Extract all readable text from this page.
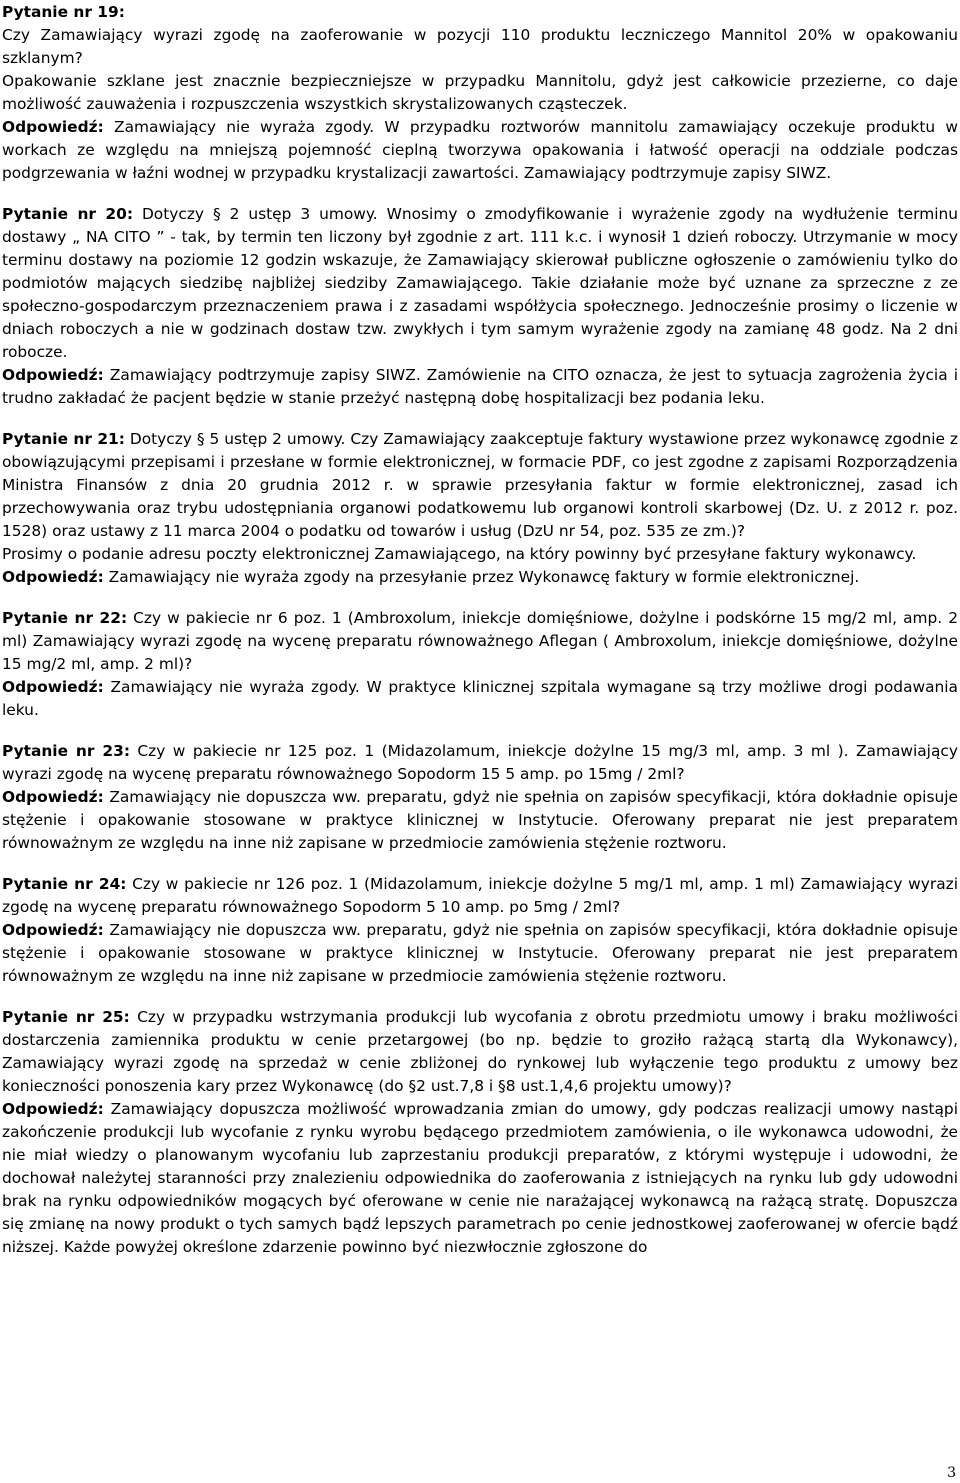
Pytanie nr 19:

Czy Zamawiający wyrazi zgodę na zaoferowanie w pozycji 110 produktu leczniczego Mannitol 20% w opakowaniu szklanym?

Opakowanie szklane jest znacznie bezpieczniejsze w przypadku Mannitolu, gdyż jest całkowicie przezierne, co daje możliwość zauważenia i rozpuszczenia wszystkich skrystalizowanych cząsteczek.

Odpowiedź: Zamawiający nie wyraża zgody. W przypadku roztworów mannitolu zamawiający oczekuje produktu w workach ze względu na mniejszą pojemność cieplną tworzywa opakowania i łatwość operacji na oddziale podczas podgrzewania w łaźni wodnej w przypadku krystalizacji zawartości. Zamawiający podtrzymuje zapisy SIWZ.

Pytanie nr 20: Dotyczy § 2 ustęp 3 umowy. Wnosimy o zmodyfikowanie i wyrażenie zgody na wydłużenie terminu dostawy „ NA CITO ” - tak, by termin ten liczony był zgodnie z art. 111 k.c. i wynosił 1 dzień roboczy. Utrzymanie w mocy terminu dostawy na poziomie 12 godzin wskazuje, że Zamawiający skierował publiczne ogłoszenie o zamówieniu tylko do podmiotów mających siedzibę najbliżej siedziby Zamawiającego. Takie działanie może być uznane za sprzeczne z ze społeczno-gospodarczym przeznaczeniem prawa i z zasadami współżycia społecznego. Jednocześnie prosimy o liczenie w dniach roboczych a nie w godzinach dostaw tzw. zwykłych i tym samym wyrażenie zgody na zamianę 48 godz. Na 2 dni robocze.

Odpowiedź: Zamawiający podtrzymuje zapisy SIWZ. Zamówienie na CITO oznacza, że jest to sytuacja zagrożenia życia i trudno zakładać że pacjent będzie w stanie przeżyć następną dobę hospitalizacji bez podania leku.

Pytanie nr 21: Dotyczy § 5 ustęp 2 umowy. Czy Zamawiający zaakceptuje faktury wystawione przez wykonawcę zgodnie z obowiązującymi przepisami i przesłane w formie elektronicznej, w formacie PDF, co jest zgodne z zapisami Rozporządzenia Ministra Finansów z dnia 20 grudnia 2012 r. w sprawie przesyłania faktur w formie elektronicznej, zasad ich przechowywania oraz trybu udostępniania organowi podatkowemu lub organowi kontroli skarbowej (Dz. U. z 2012 r. poz. 1528) oraz ustawy z 11 marca 2004 o podatku od towarów i usług (DzU nr 54, poz. 535 ze zm.)?

Prosimy o podanie adresu poczty elektronicznej Zamawiającego, na który powinny być przesyłane faktury wykonawcy.

Odpowiedź: Zamawiający nie wyraża zgody na przesyłanie przez Wykonawcę faktury w formie elektronicznej.

Pytanie nr 22: Czy w pakiecie nr 6 poz. 1 (Ambroxolum, iniekcje domięśniowe, dożylne i podskórne 15 mg/2 ml, amp. 2 ml) Zamawiający wyrazi zgodę na wycenę preparatu równoważnego Aflegan ( Ambroxolum, iniekcje domięśniowe, dożylne 15 mg/2 ml, amp. 2 ml)?

Odpowiedź: Zamawiający nie wyraża zgody. W praktyce klinicznej szpitala wymagane są trzy możliwe drogi podawania leku.

Pytanie nr 23: Czy w pakiecie nr 125 poz. 1 (Midazolamum, iniekcje dożylne 15 mg/3 ml, amp. 3 ml ). Zamawiający wyrazi zgodę na wycenę preparatu równoważnego Sopodorm 15 5 amp. po 15mg / 2ml?

Odpowiedź: Zamawiający nie dopuszcza ww. preparatu, gdyż nie spełnia on zapisów specyfikacji, która dokładnie opisuje stężenie i opakowanie stosowane w praktyce klinicznej w Instytucie. Oferowany preparat nie jest preparatem równoważnym ze względu na inne niż zapisane w przedmiocie zamówienia stężenie roztworu.

Pytanie nr 24: Czy w pakiecie nr 126 poz. 1 (Midazolamum, iniekcje dożylne 5 mg/1 ml, amp. 1 ml) Zamawiający wyrazi zgodę na wycenę preparatu równoważnego Sopodorm 5 10 amp. po 5mg / 2ml?

Odpowiedź: Zamawiający nie dopuszcza ww. preparatu, gdyż nie spełnia on zapisów specyfikacji, która dokładnie opisuje stężenie i opakowanie stosowane w praktyce klinicznej w Instytucie. Oferowany preparat nie jest preparatem równoważnym ze względu na inne niż zapisane w przedmiocie zamówienia stężenie roztworu.

Pytanie nr 25: Czy w przypadku wstrzymania produkcji lub wycofania z obrotu przedmiotu umowy i braku możliwości dostarczenia zamiennika produktu w cenie przetargowej (bo np. będzie to groziło rażącą startą dla Wykonawcy), Zamawiający wyrazi zgodę na sprzedaż w cenie zbliżonej do rynkowej lub wyłączenie tego produktu z umowy bez konieczności ponoszenia kary przez Wykonawcę (do §2 ust.7,8 i §8 ust.1,4,6 projektu umowy)?

Odpowiedź: Zamawiający dopuszcza możliwość wprowadzania zmian do umowy, gdy podczas realizacji umowy nastąpi zakończenie produkcji lub wycofanie z rynku wyrobu będącego przedmiotem zamówienia, o ile wykonawca udowodni, że nie miał wiedzy o planowanym wycofaniu lub zaprzestaniu produkcji preparatów, z którymi występuje i udowodni, że dochował należytej staranności przy znalezieniu odpowiednika do zaoferowania z istniejących na rynku lub gdy udowodni brak na rynku odpowiedników mogących być oferowane w cenie nie narażającej wykonawcą na rażącą stratę. Dopuszcza się zmianę na nowy produkt o tych samych bądź lepszych parametrach po cenie jednostkowej zaoferowanej w ofercie bądź niższej. Każde powyżej określone zdarzenie powinno być niezwłocznie zgłoszone do

3
